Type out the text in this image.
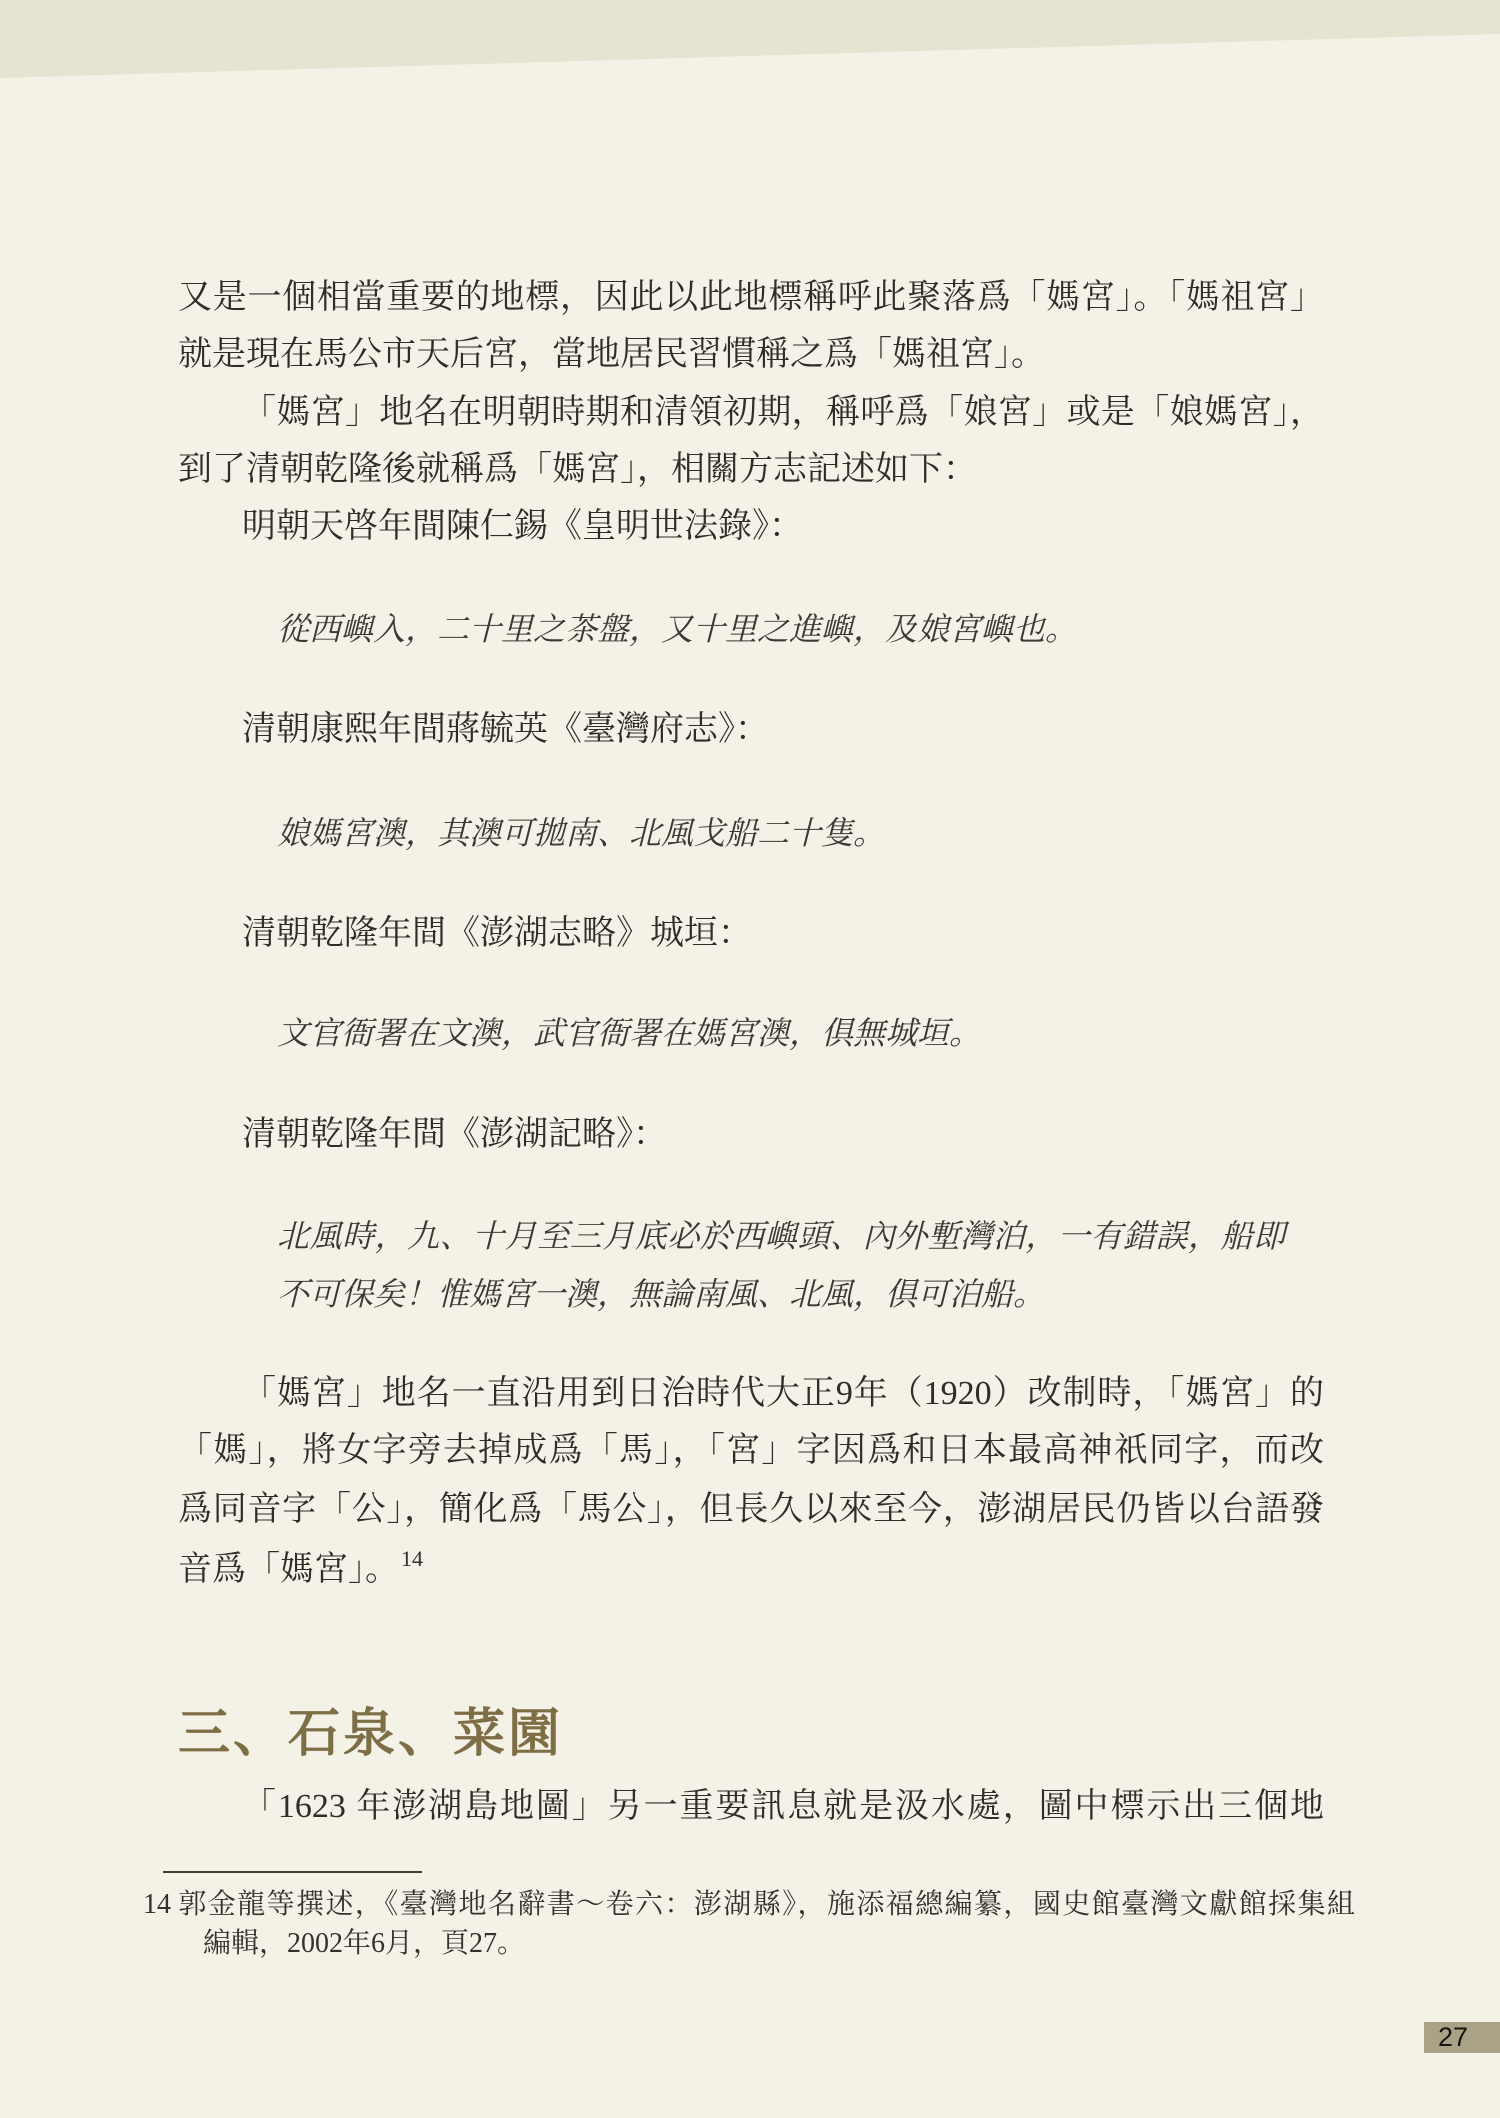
又是一個相當重要的地標，因此以此地標稱呼此聚落爲「媽宮」。「媽祖宮」
就是現在馬公市天后宮，當地居民習慣稱之爲「媽祖宮」。
「媽宮」地名在明朝時期和清領初期，稱呼爲「娘宮」或是「娘媽宮」，
到了清朝乾隆後就稱爲「媽宮」，相關方志記述如下：
明朝天啓年間陳仁錫《皇明世法錄》：
從西嶼入，二十里之茶盤，又十里之進嶼，及娘宮嶼也。
清朝康熙年間蔣毓英《臺灣府志》：
娘媽宮澳，其澳可拋南、北風戈船二十隻。
清朝乾隆年間《澎湖志略》城垣：
文官衙署在文澳，武官衙署在媽宮澳，俱無城垣。
清朝乾隆年間《澎湖記略》：
北風時，九、十月至三月底必於西嶼頭、內外塹灣泊，一有錯誤，船即
不可保矣！惟媽宮一澳，無論南風、北風，俱可泊船。
「媽宮」地名一直沿用到日治時代大正9年（1920）改制時，「媽宮」的
「媽」，將女字旁去掉成爲「馬」，「宮」字因爲和日本最高神祇同字，而改
爲同音字「公」，簡化爲「馬公」，但長久以來至今，澎湖居民仍皆以台語發
音爲「媽宮」。$^{14}$
三、石泉、菜園
「1623 年澎湖島地圖」另一重要訊息就是汲水處，圖中標示出三個地
14 郭金龍等撰述，《臺灣地名辭書～卷六：澎湖縣》，施添福總編纂，國史館臺灣文獻館採集組
編輯，2002年6月，頁27。
27
